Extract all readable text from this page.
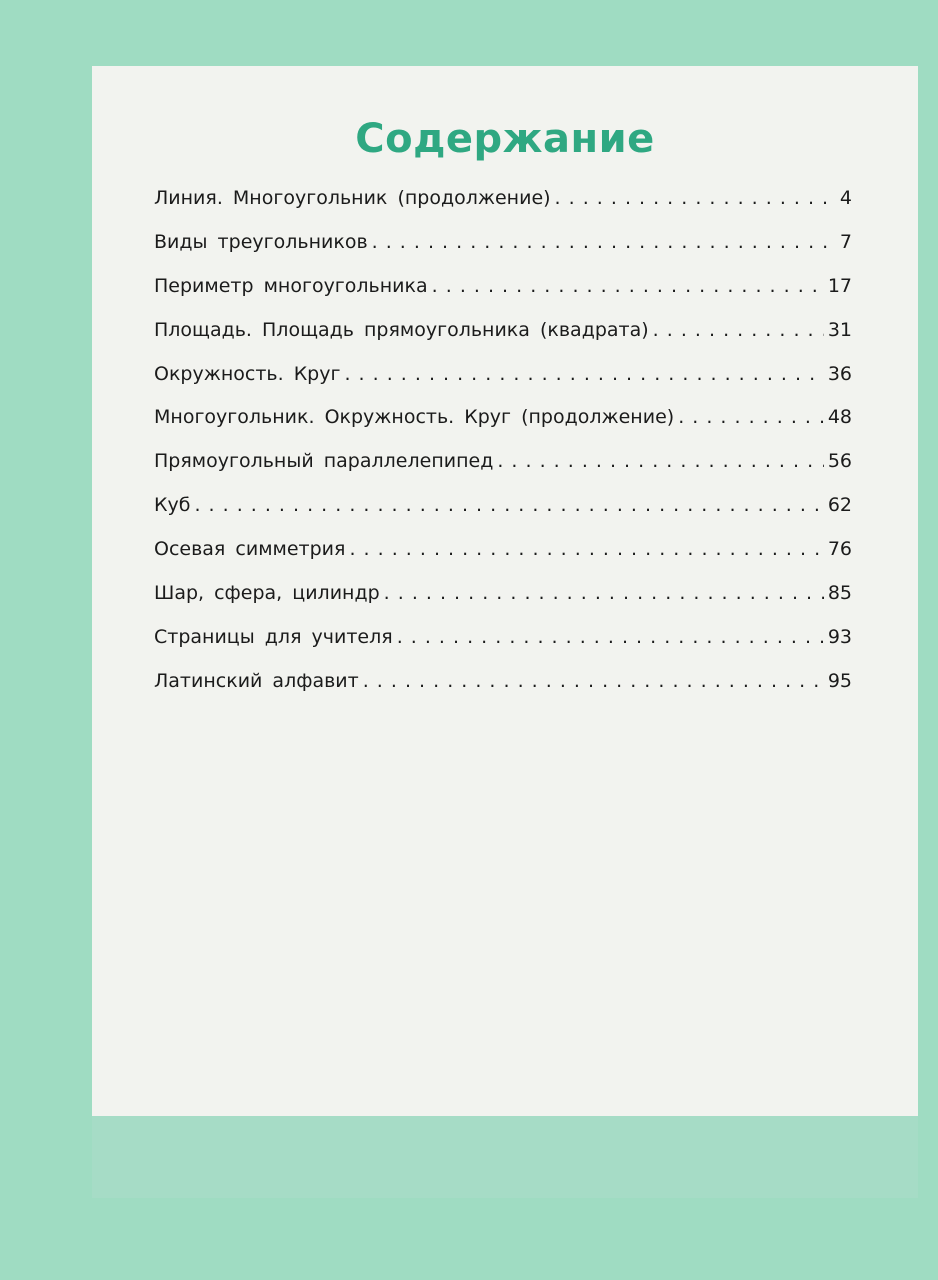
Содержание
Линия. Многоугольник (продолжение) . . .	4
Виды треугольников . . .	7
Периметр многоугольника . . .	17
Площадь. Площадь прямоугольника (квадрата) . . .	31
Окружность. Круг . . .	36
Многоугольник. Окружность. Круг (продолжение) . . .	48
Прямоугольный параллелепипед . . .	56
Куб . . .	62
Осевая симметрия . . .	76
Шар, сфера, цилиндр . . .	85
Страницы для учителя . . .	93
Латинский алфавит . . .	95
